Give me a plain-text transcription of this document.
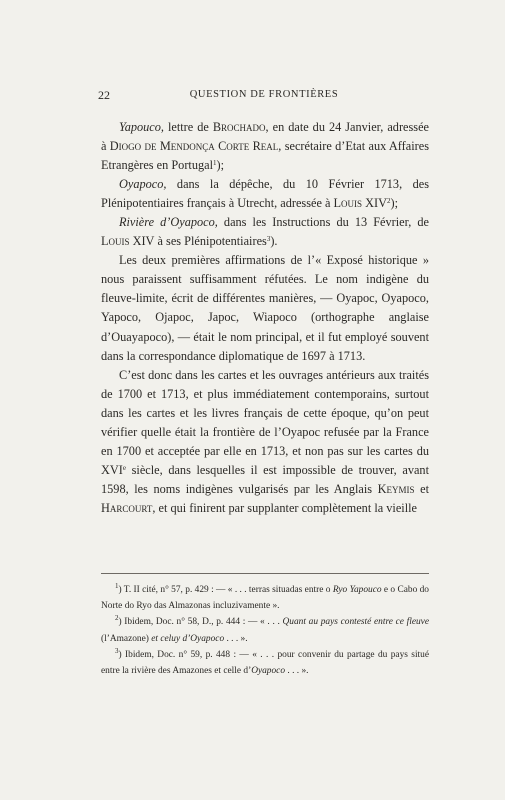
22	QUESTION DE FRONTIÈRES

Yapouco, lettre de Brochado, en date du 24 Janvier, adressée à Diogo de Mendonça Corte Real, secrétaire d’Etat aux Affaires Etrangères en Portugal$^1$);

Oyapoco, dans la dépêche, du 10 Février 1713, des Plénipotentiaires français à Utrecht, adressée à Louis XIV$^2$);

Rivière d’Oyapoco, dans les Instructions du 13 Février, de Louis XIV à ses Plénipotentiaires$^3$).

Les deux premières affirmations de l’« Exposé historique » nous paraissent suffisamment réfutées. Le nom indigène du fleuve-limite, écrit de différentes manières, — Oyapoc, Oyapoco, Yapoco, Ojapoc, Japoc, Wiapoco (orthographe anglaise d’Ouayapoco), — était le nom principal, et il fut employé souvent dans la correspondance diplomatique de 1697 à 1713.

C’est donc dans les cartes et les ouvrages antérieurs aux traités de 1700 et 1713, et plus immédiatement contemporains, surtout dans les cartes et les livres français de cette époque, qu’on peut vérifier quelle était la frontière de l’Oyapoc refusée par la France en 1700 et acceptée par elle en 1713, et non pas sur les cartes du XVIe siècle, dans lesquelles il est impossible de trouver, avant 1598, les noms indigènes vulgarisés par les Anglais Keymis et Harcourt, et qui finirent par supplanter complètement la vieille

$^1$) T. II cité, n° 57, p. 429 : — « . . . terras situadas entre o Ryo Yapouco e o Cabo do Norte do Ryo das Almazonas incluzivamente ».

$^2$) Ibidem, Doc. n° 58, D., p. 444 : — « . . . Quant au pays contesté entre ce fleuve (l’Amazone) et celuy d’Oyapoco . . . ».

$^3$) Ibidem, Doc. n° 59, p. 448 : — « . . . pour convenir du partage du pays situé entre la rivière des Amazones et celle d’Oyapoco . . . ».
